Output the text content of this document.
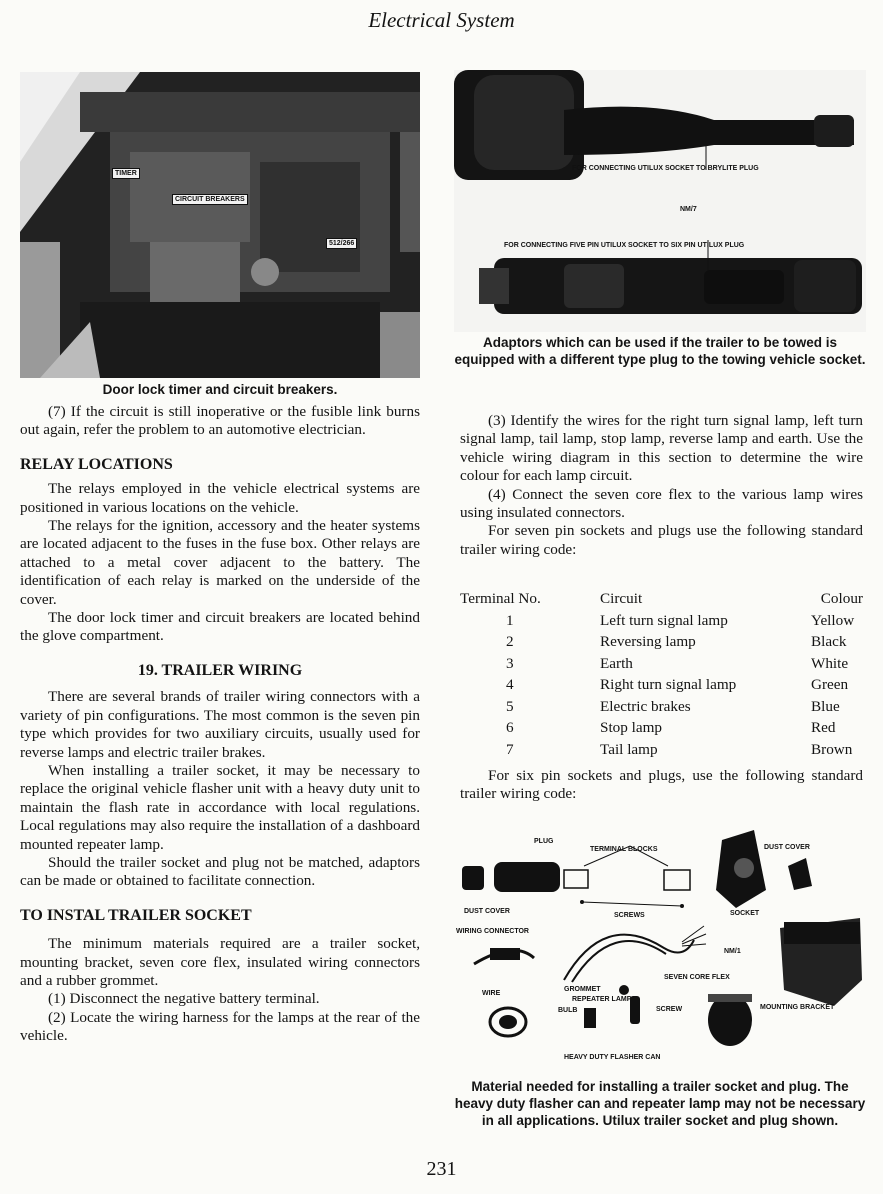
Electrical System
TIMER
CIRCUIT BREAKERS
512/266
Door lock timer and circuit breakers.
FOR CONNECTING UTILUX SOCKET TO BRYLITE PLUG
NM/7
FOR CONNECTING FIVE PIN UTILUX SOCKET TO SIX PIN UTILUX PLUG
Adaptors which can be used if the trailer to be towed is equipped with a different type plug to the towing vehicle socket.

(7) If the circuit is still inoperative or the fusible link burns out again, refer the problem to an automotive electrician.

RELAY LOCATIONS

The relays employed in the vehicle electrical systems are positioned in various locations on the vehicle.

The relays for the ignition, accessory and the heater systems are located adjacent to the fuses in the fuse box. Other relays are attached to a metal cover adjacent to the battery. The identification of each relay is marked on the underside of the cover.

The door lock timer and circuit breakers are located behind the glove compartment.

19. TRAILER WIRING

There are several brands of trailer wiring connectors with a variety of pin configurations. The most common is the seven pin type which provides for two auxiliary circuits, usually used for reverse lamps and electric trailer brakes.

When installing a trailer socket, it may be necessary to replace the original vehicle flasher unit with a heavy duty unit to maintain the flash rate in accordance with local regulations. Local regulations may also require the installation of a dashboard mounted repeater lamp.

Should the trailer socket and plug not be matched, adaptors can be made or obtained to facilitate connection.

TO INSTAL TRAILER SOCKET

The minimum materials required are a trailer socket, mounting bracket, seven core flex, insulated wiring connectors and a rubber grommet.

(1) Disconnect the negative battery terminal.

(2) Locate the wiring harness for the lamps at the rear of the vehicle.

(3) Identify the wires for the right turn signal lamp, left turn signal lamp, tail lamp, stop lamp, reverse lamp and earth. Use the vehicle wiring diagram in this section to determine the wire colour for each lamp circuit.

(4) Connect the seven core flex to the various lamp wires using insulated connectors.

For seven pin sockets and plugs use the following standard trailer wiring code:

Terminal No.	Circuit	Colour
1	Left turn signal lamp	Yellow
2	Reversing lamp	Black
3	Earth	White
4	Right turn signal lamp	Green
5	Electric brakes	Blue
6	Stop lamp	Red
7	Tail lamp	Brown

For six pin sockets and plugs, use the following standard trailer wiring code:

PLUG
TERMINAL BLOCKS	DUST COVER
DUST COVER
SCREWS	SOCKET
WIRING CONNECTOR
NM/1
SEVEN CORE FLEX
GROMMET
WIRE
REPEATER LAMP
BULB	SCREW	MOUNTING BRACKET
HEAVY DUTY FLASHER CAN
Material needed for installing a trailer socket and plug. The heavy duty flasher can and repeater lamp may not be necessary in all applications. Utilux trailer socket and plug shown.
231
